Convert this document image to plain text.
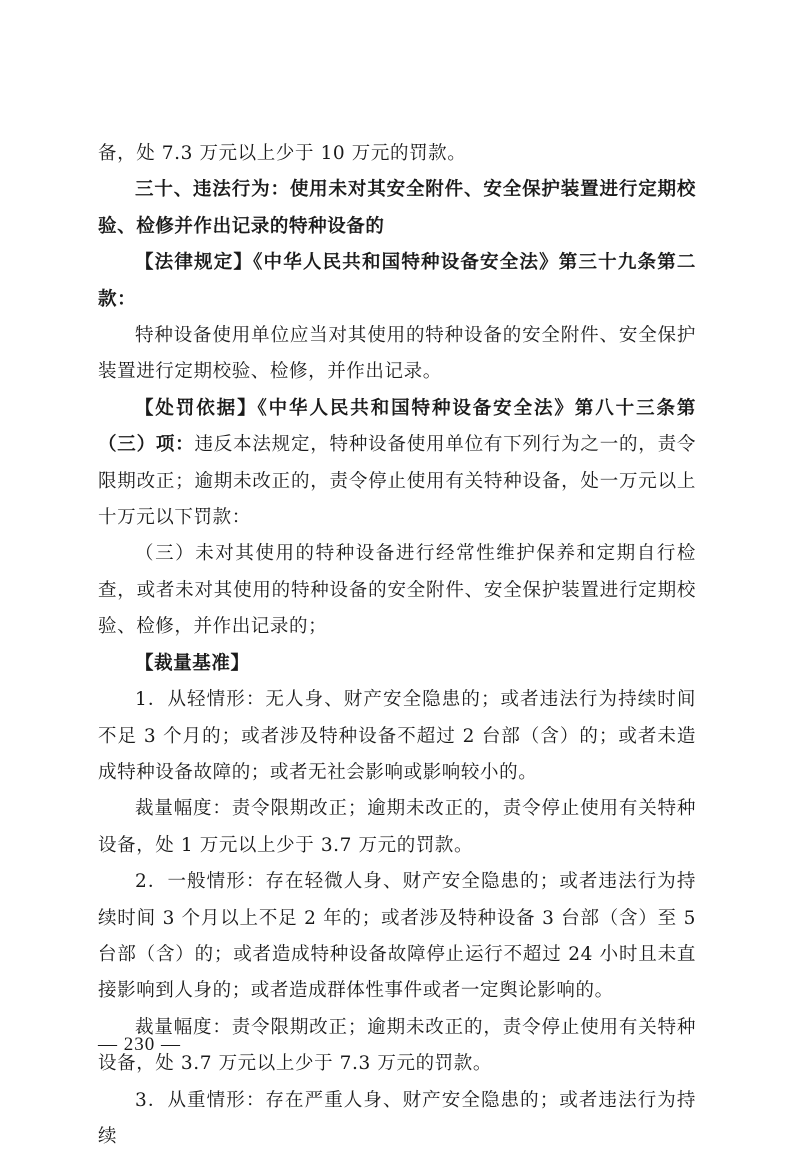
备，处 7.3 万元以上少于 10 万元的罚款。

三十、违法行为：使用未对其安全附件、安全保护装置进行定期校验、检修并作出记录的特种设备的

【法律规定】《中华人民共和国特种设备安全法》第三十九条第二款：

特种设备使用单位应当对其使用的特种设备的安全附件、安全保护装置进行定期校验、检修，并作出记录。

【处罚依据】《中华人民共和国特种设备安全法》第八十三条第（三）项：违反本法规定，特种设备使用单位有下列行为之一的，责令限期改正；逾期未改正的，责令停止使用有关特种设备，处一万元以上十万元以下罚款：

（三）未对其使用的特种设备进行经常性维护保养和定期自行检查，或者未对其使用的特种设备的安全附件、安全保护装置进行定期校验、检修，并作出记录的；

【裁量基准】

1．从轻情形：无人身、财产安全隐患的；或者违法行为持续时间不足 3 个月的；或者涉及特种设备不超过 2 台部（含）的；或者未造成特种设备故障的；或者无社会影响或影响较小的。

裁量幅度：责令限期改正；逾期未改正的，责令停止使用有关特种设备，处 1 万元以上少于 3.7 万元的罚款。

2．一般情形：存在轻微人身、财产安全隐患的；或者违法行为持续时间 3 个月以上不足 2 年的；或者涉及特种设备 3 台部（含）至 5 台部（含）的；或者造成特种设备故障停止运行不超过 24 小时且未直接影响到人身的；或者造成群体性事件或者一定舆论影响的。

裁量幅度：责令限期改正；逾期未改正的，责令停止使用有关特种设备，处 3.7 万元以上少于 7.3 万元的罚款。

3．从重情形：存在严重人身、财产安全隐患的；或者违法行为持续

— 230 —
